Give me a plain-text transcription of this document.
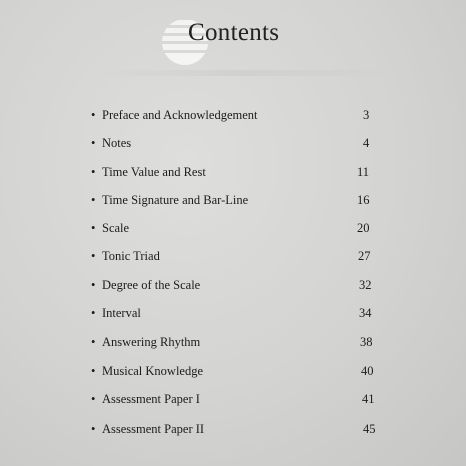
Contents
• Preface and Acknowledgement	3
• Notes	4
• Time Value and Rest	11
• Time Signature and Bar-Line	16
• Scale	20
• Tonic Triad	27
• Degree of the Scale	32
• Interval	34
• Answering Rhythm	38
• Musical Knowledge	40
• Assessment Paper I	41
• Assessment Paper II	45
